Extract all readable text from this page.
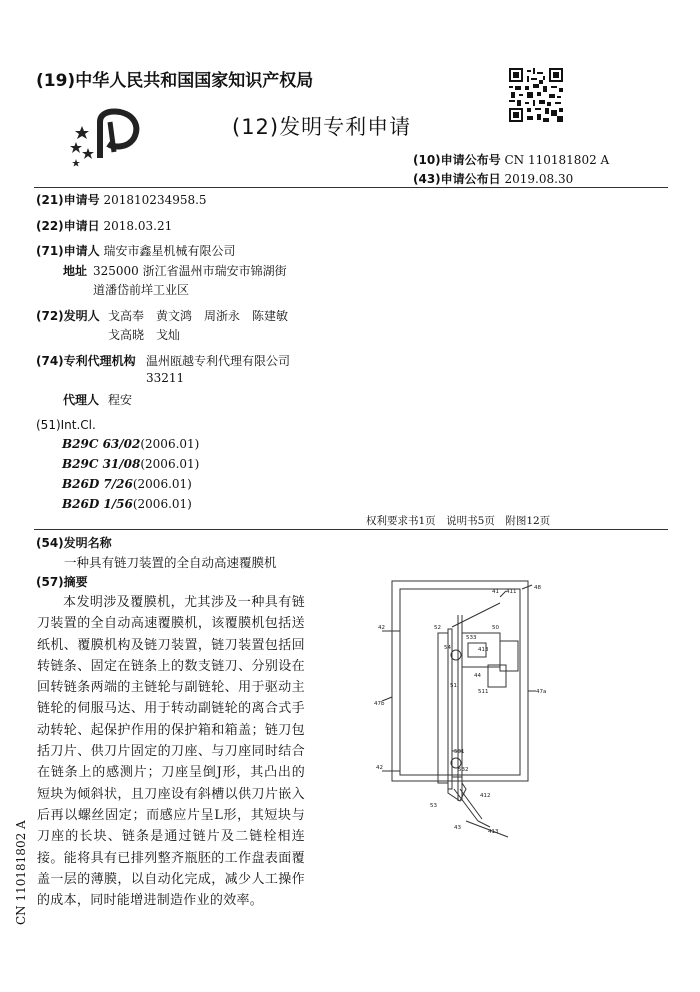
(19)中华人民共和国国家知识产权局
(12)发明专利申请
(10)申请公布号 CN 110181802 A
(43)申请公布日 2019.08.30
(21)申请号 201810234958.5
(22)申请日 2018.03.21
(71)申请人 瑞安市鑫星机械有限公司
地址 325000 浙江省温州市瑞安市锦湖街
道潘岱前垟工业区
(72)发明人 戈高奉　黄文鸿　周浙永　陈建敏
戈高晓　戈灿
(74)专利代理机构 温州瓯越专利代理有限公司
33211
代理人 程安
(51)Int.Cl.
B29C 63/02(2006.01)
B29C 31/08(2006.01)
B26D 7/26(2006.01)
B26D 1/56(2006.01)
权利要求书1页　说明书5页　附图12页
(54)发明名称
一种具有链刀装置的全自动高速覆膜机
(57)摘要
本发明涉及覆膜机，尤其涉及一种具有链刀装置的全自动高速覆膜机，该覆膜机包括送纸机、覆膜机构及链刀装置，链刀装置包括回转链条、固定在链条上的数支链刀、分别设在回转链条两端的主链轮与副链轮、用于驱动主链轮的伺服马达、用于转动副链轮的离合式手动转轮、起保护作用的保护箱和箱盖；链刀包括刀片、供刀片固定的刀座、与刀座同时结合在链条上的感测片；刀座呈倒J形，其凸出的短块为倾斜状，且刀座设有斜槽以供刀片嵌入后再以螺丝固定；而感应片呈L形，其短块与刀座的长块、链条是通过链片及二链栓相连接。能将具有已排列整齐瓶胚的工作盘表面覆盖一层的薄膜，以自动化完成，减少人工操作的成本，同时能增进制造作业的效率。
CN 110181802 A
41 411
48
42	52
54
50
533
413
44
51
511	47a
47b
531
42
53
532
412
43
413
